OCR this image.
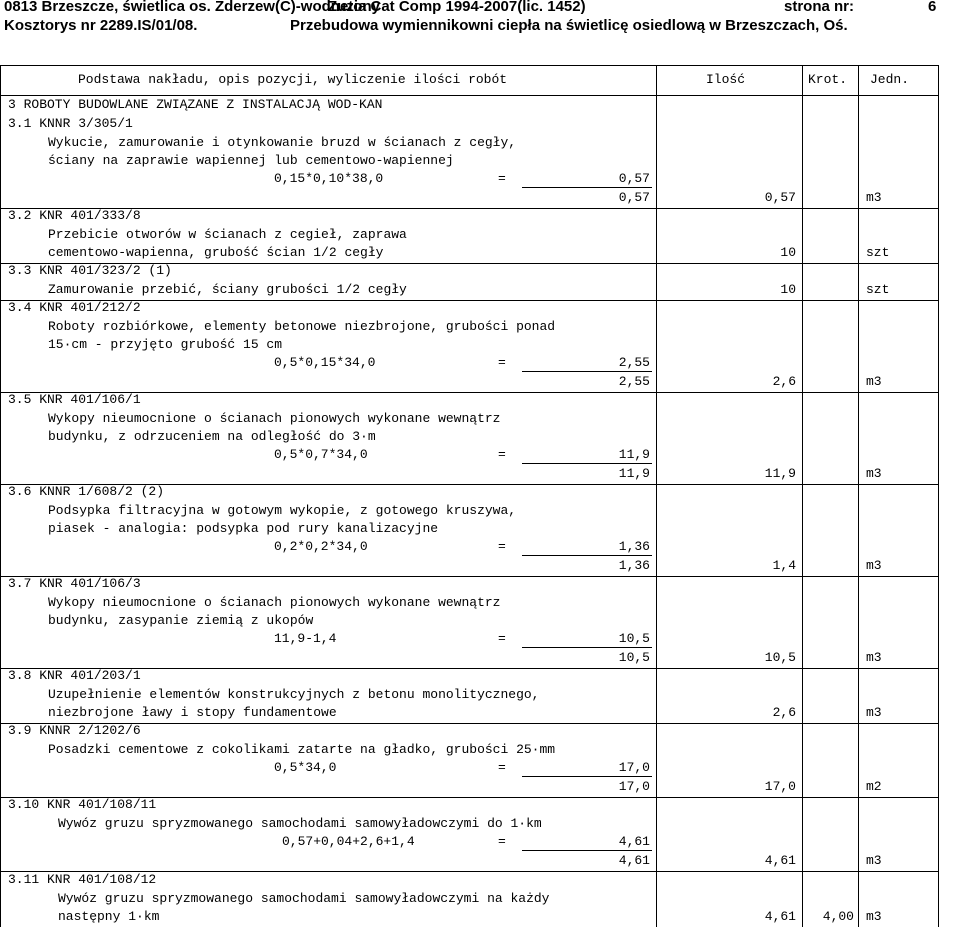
0813 Brzeszcze, świetlica os. Zderzew(C)-wodnetony
Zuzia Cat Comp 1994-2007(lic. 1452)	strona nr:	6
Kosztorys nr 2289.IS/01/08.	Przebudowa wymiennikowni ciepła na świetlicę osiedlową w Brzeszczach, Oś.
Podstawa nakładu, opis pozycji, wyliczenie ilości robót	Ilość	Krot. Jedn.
3 ROBOTY BUDOWLANE ZWIĄZANE Z INSTALACJĄ WOD-KAN
3.1 KNNR 3/305/1
Wykucie, zamurowanie i otynkowanie bruzd w ścianach z cegły,
ściany na zaprawie wapiennej lub cementowo-wapiennej
0,15*0,10*38,0	=	0,57
0,57	0,57	m3
3.2 KNR 401/333/8
Przebicie otworów w ścianach z cegieł, zaprawa
cementowo-wapienna, grubość ścian 1/2 cegły	10	szt
3.3 KNR 401/323/2 (1)
Zamurowanie przebić, ściany grubości 1/2 cegły	10	szt
3.4 KNR 401/212/2
Roboty rozbiórkowe, elementy betonowe niezbrojone, grubości ponad
15·cm - przyjęto grubość 15 cm
0,5*0,15*34,0	=	2,55
2,55	2,6	m3
3.5 KNR 401/106/1
Wykopy nieumocnione o ścianach pionowych wykonane wewnątrz
budynku, z odrzuceniem na odległość do 3·m
0,5*0,7*34,0	=	11,9
11,9	11,9	m3
3.6 KNNR 1/608/2 (2)
Podsypka filtracyjna w gotowym wykopie, z gotowego kruszywa,
piasek - analogia: podsypka pod rury kanalizacyjne
0,2*0,2*34,0	=	1,36
1,36	1,4	m3
3.7 KNR 401/106/3
Wykopy nieumocnione o ścianach pionowych wykonane wewnątrz
budynku, zasypanie ziemią z ukopów
11,9-1,4	=	10,5
10,5	10,5	m3
3.8 KNR 401/203/1
Uzupełnienie elementów konstrukcyjnych z betonu monolitycznego,
niezbrojone ławy i stopy fundamentowe	2,6	m3
3.9 KNNR 2/1202/6
Posadzki cementowe z cokolikami zatarte na gładko, grubości 25·mm
0,5*34,0	=	17,0
17,0	17,0	m2
3.10 KNR 401/108/11
Wywóz gruzu spryzmowanego samochodami samowyładowczymi do 1·km
0,57+0,04+2,6+1,4	=	4,61
4,61	4,61	m3
3.11 KNR 401/108/12
Wywóz gruzu spryzmowanego samochodami samowyładowczymi na każdy
następny 1·km	4,61	4,00 m3
